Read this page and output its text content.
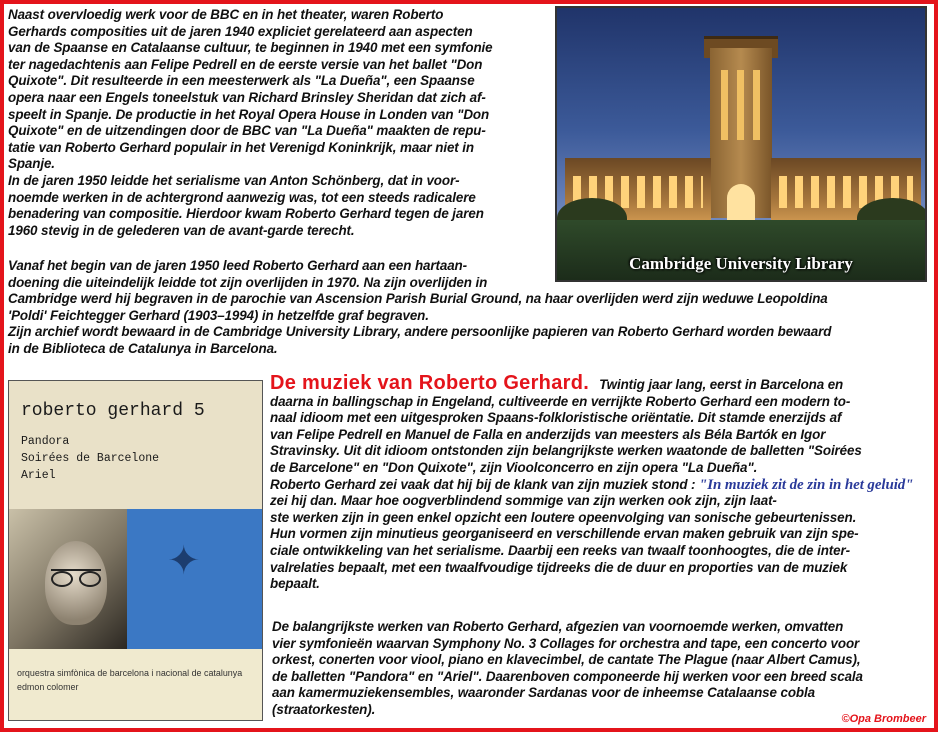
Naast overvloedig werk voor de BBC en in het theater, waren Roberto
Gerhards composities uit de jaren 1940 expliciet gerelateerd aan aspecten
van de Spaanse en Catalaanse cultuur, te beginnen in 1940 met een symfonie
ter nagedachtenis aan Felipe Pedrell en de eerste versie van het ballet "Don
Quixote". Dit resulteerde in een meesterwerk als "La Dueña", een Spaanse
opera naar een Engels toneelstuk van Richard Brinsley Sheridan dat zich af-
speelt in Spanje. De productie in het Royal Opera House in Londen van "Don
Quixote" en de uitzendingen door de BBC van "La Dueña" maakten de repu-
tatie van Roberto Gerhard populair in het Verenigd Koninkrijk, maar niet in
Spanje.
In de jaren 1950 leidde het serialisme van Anton Schönberg, dat in voor-
noemde werken in de achtergrond aanwezig was, tot een steeds radicalere
benadering van compositie. Hierdoor kwam Roberto Gerhard tegen de jaren
1960 stevig in de gelederen van de avant-garde terecht.
Cambridge University Library
Vanaf het begin van de jaren 1950 leed Roberto Gerhard aan een hartaan-
doening die uiteindelijk leidde tot zijn overlijden in 1970. Na zijn overlijden in
Cambridge werd hij begraven in de parochie van Ascension Parish Burial Ground, na haar overlijden werd zijn weduwe Leopoldina
'Poldi' Feichtegger Gerhard (1903–1994) in hetzelfde graf begraven.
Zijn archief wordt bewaard in de Cambridge University Library, andere persoonlijke papieren van Roberto Gerhard worden bewaard
in de Biblioteca de Catalunya in Barcelona.
roberto gerhard 5
Pandora
Soirées de Barcelone
Ariel
✦
orquestra simfònica de barcelona i nacional de catalunya
edmon colomer
De muziek van Roberto Gerhard. Twintig jaar lang, eerst in Barcelona en
daarna in ballingschap in Engeland, cultiveerde en verrijkte Roberto Gerhard een modern to-
naal idioom met een uitgesproken Spaans-folkloristische oriëntatie. Dit stamde enerzijds af
van Felipe Pedrell en Manuel de Falla en anderzijds van meesters als Béla Bartók en Igor
Stravinsky. Uit dit idioom ontstonden zijn belangrijkste werken waatonde de balletten "Soirées
de Barcelone" en "Don Quixote", zijn Vioolconcerro en zijn opera "La Dueña".
Roberto Gerhard zei vaak dat hij bij de klank van zijn muziek stond : "In muziek zit de zin in het geluid" zei hij dan. Maar hoe oogverblindend sommige van zijn werken ook zijn, zijn laat-
ste werken zijn in geen enkel opzicht een loutere opeenvolging van sonische gebeurtenissen.
Hun vormen zijn minutieus georganiseerd en verschillende ervan maken gebruik van zijn spe-
ciale ontwikkeling van het serialisme. Daarbij een reeks van twaalf toonhoogtes, die de inter-
valrelaties bepaalt, met een twaalfvoudige tijdreeks die de duur en proporties van de muziek
bepaalt.
De balangrijkste werken van Roberto Gerhard, afgezien van voornoemde werken, omvatten
vier symfonieën waarvan Symphony No. 3 Collages for orchestra and tape, een concerto voor
orkest, conerten voor viool, piano en klavecimbel, de cantate The Plague (naar Albert Camus),
de balletten "Pandora" en "Ariel". Daarenboven componeerde hij werken voor een breed scala
aan kamermuziekensembles, waaronder Sardanas voor de inheemse Catalaanse cobla
(straatorkesten).
©Opa Brombeer
